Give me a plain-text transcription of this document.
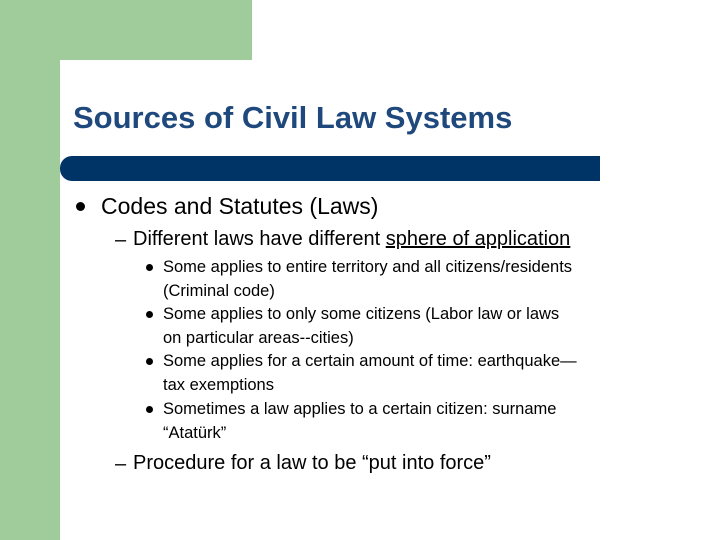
Sources of Civil Law Systems
Codes and Statutes (Laws)
– Different laws have different sphere of application
Some applies to entire territory and all citizens/residents
(Criminal code)
Some applies to only some citizens (Labor law or laws
on particular areas--cities)
Some applies for a certain amount of time: earthquake—
tax exemptions
Sometimes a law applies to a certain citizen: surname
“Atatürk”
– Procedure for a law to be “put into force”
